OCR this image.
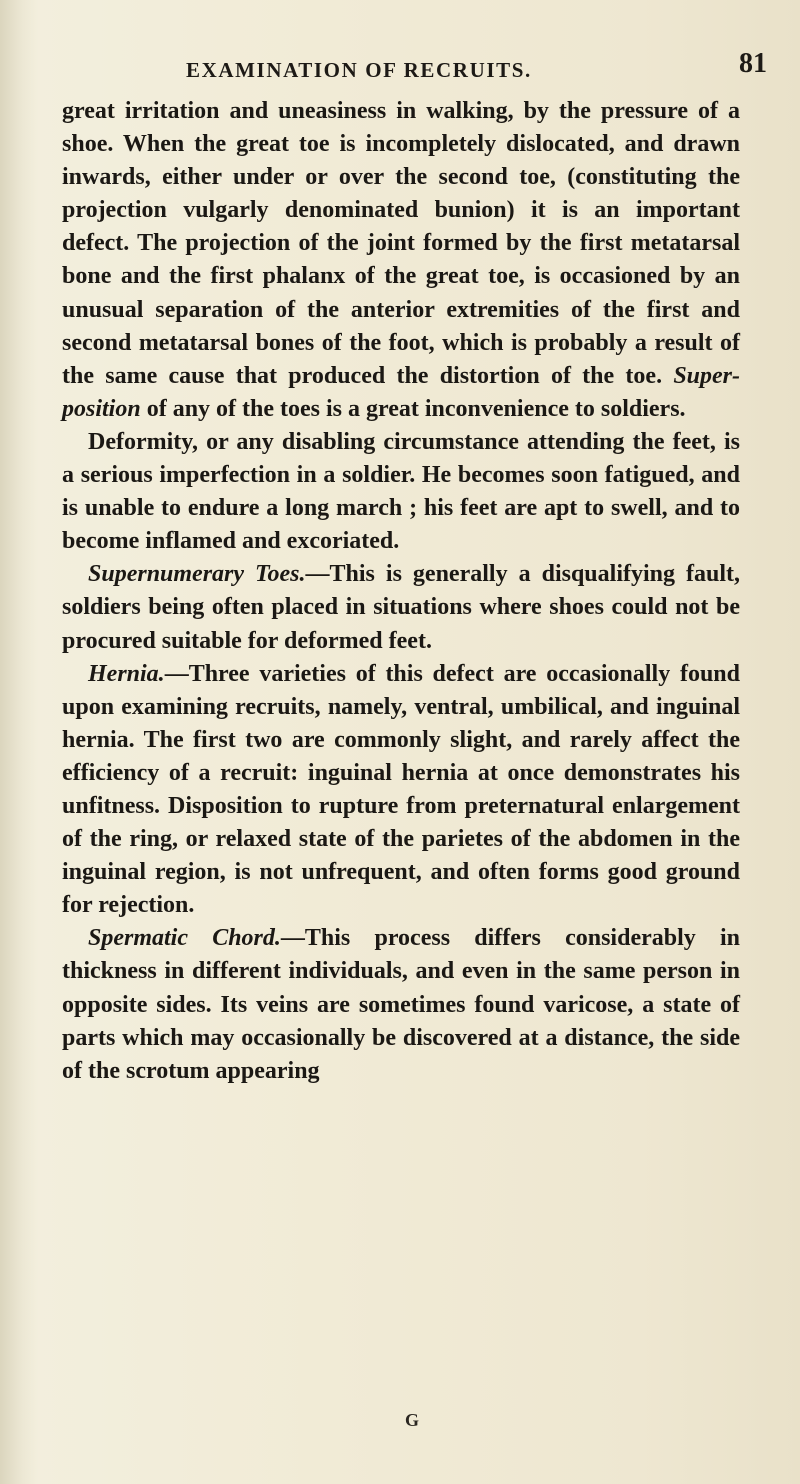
EXAMINATION OF RECRUITS.	81

great irritation and uneasiness in walking, by the pressure of a shoe. When the great toe is incompletely dislocated, and drawn inwards, either under or over the second toe, (constituting the projection vulgarly denominated bunion) it is an important defect. The projection of the joint formed by the first metatarsal bone and the first phalanx of the great toe, is occasioned by an unusual separation of the anterior extremities of the first and second metatarsal bones of the foot, which is probably a result of the same cause that produced the distortion of the toe. Super-position of any of the toes is a great inconvenience to soldiers.

Deformity, or any disabling circumstance attending the feet, is a serious imperfection in a soldier. He becomes soon fatigued, and is unable to endure a long march ; his feet are apt to swell, and to become inflamed and excoriated.

Supernumerary Toes.—This is generally a disqualifying fault, soldiers being often placed in situations where shoes could not be procured suitable for deformed feet.

Hernia.—Three varieties of this defect are occasionally found upon examining recruits, namely, ventral, umbilical, and inguinal hernia. The first two are commonly slight, and rarely affect the efficiency of a recruit: inguinal hernia at once demonstrates his unfitness. Disposition to rupture from preternatural enlargement of the ring, or relaxed state of the parietes of the abdomen in the inguinal region, is not unfrequent, and often forms good ground for rejection.

Spermatic Chord.—This process differs considerably in thickness in different individuals, and even in the same person in opposite sides. Its veins are sometimes found varicose, a state of parts which may occasionally be discovered at a distance, the side of the scrotum appearing

G
